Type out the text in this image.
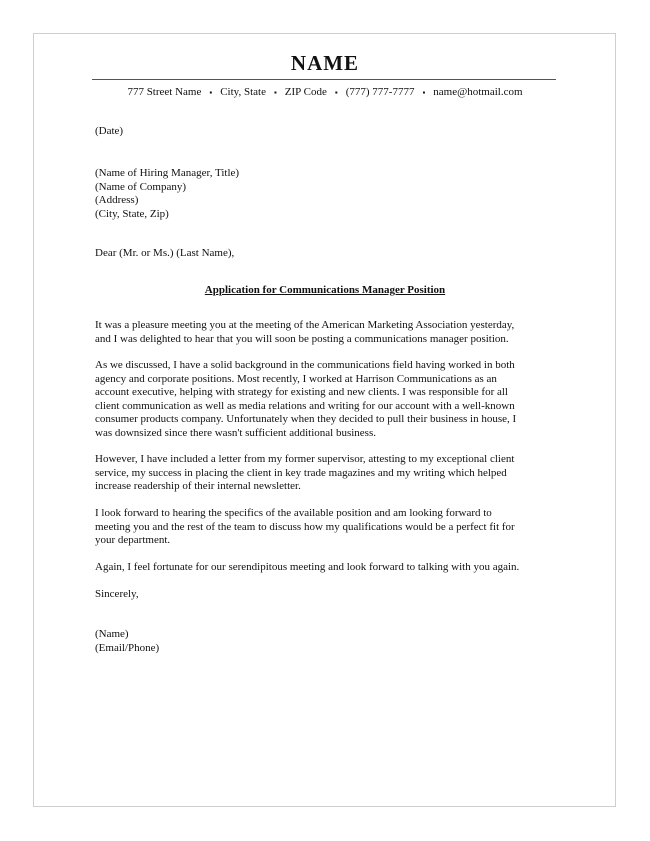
NAME
777 Street Name ▪ City, State ▪ ZIP Code ▪ (777) 777-7777 ▪ name@hotmail.com

(Date)

(Name of Hiring Manager, Title)
(Name of Company)
(Address)
(City, State, Zip)

Dear (Mr. or Ms.) (Last Name),

Application for Communications Manager Position
It was a pleasure meeting you at the meeting of the American Marketing Association yesterday,
and I was delighted to hear that you will soon be posting a communications manager position.
As we discussed, I have a solid background in the communications field having worked in both
agency and corporate positions. Most recently, I worked at Harrison Communications as an
account executive, helping with strategy for existing and new clients. I was responsible for all
client communication as well as media relations and writing for our account with a well-known
consumer products company. Unfortunately when they decided to pull their business in house, I
was downsized since there wasn't sufficient additional business.
However, I have included a letter from my former supervisor, attesting to my exceptional client
service, my success in placing the client in key trade magazines and my writing which helped
increase readership of their internal newsletter.
I look forward to hearing the specifics of the available position and am looking forward to
meeting you and the rest of the team to discuss how my qualifications would be a perfect fit for
your department.
Again, I feel fortunate for our serendipitous meeting and look forward to talking with you again.

Sincerely,

(Name)
(Email/Phone)
